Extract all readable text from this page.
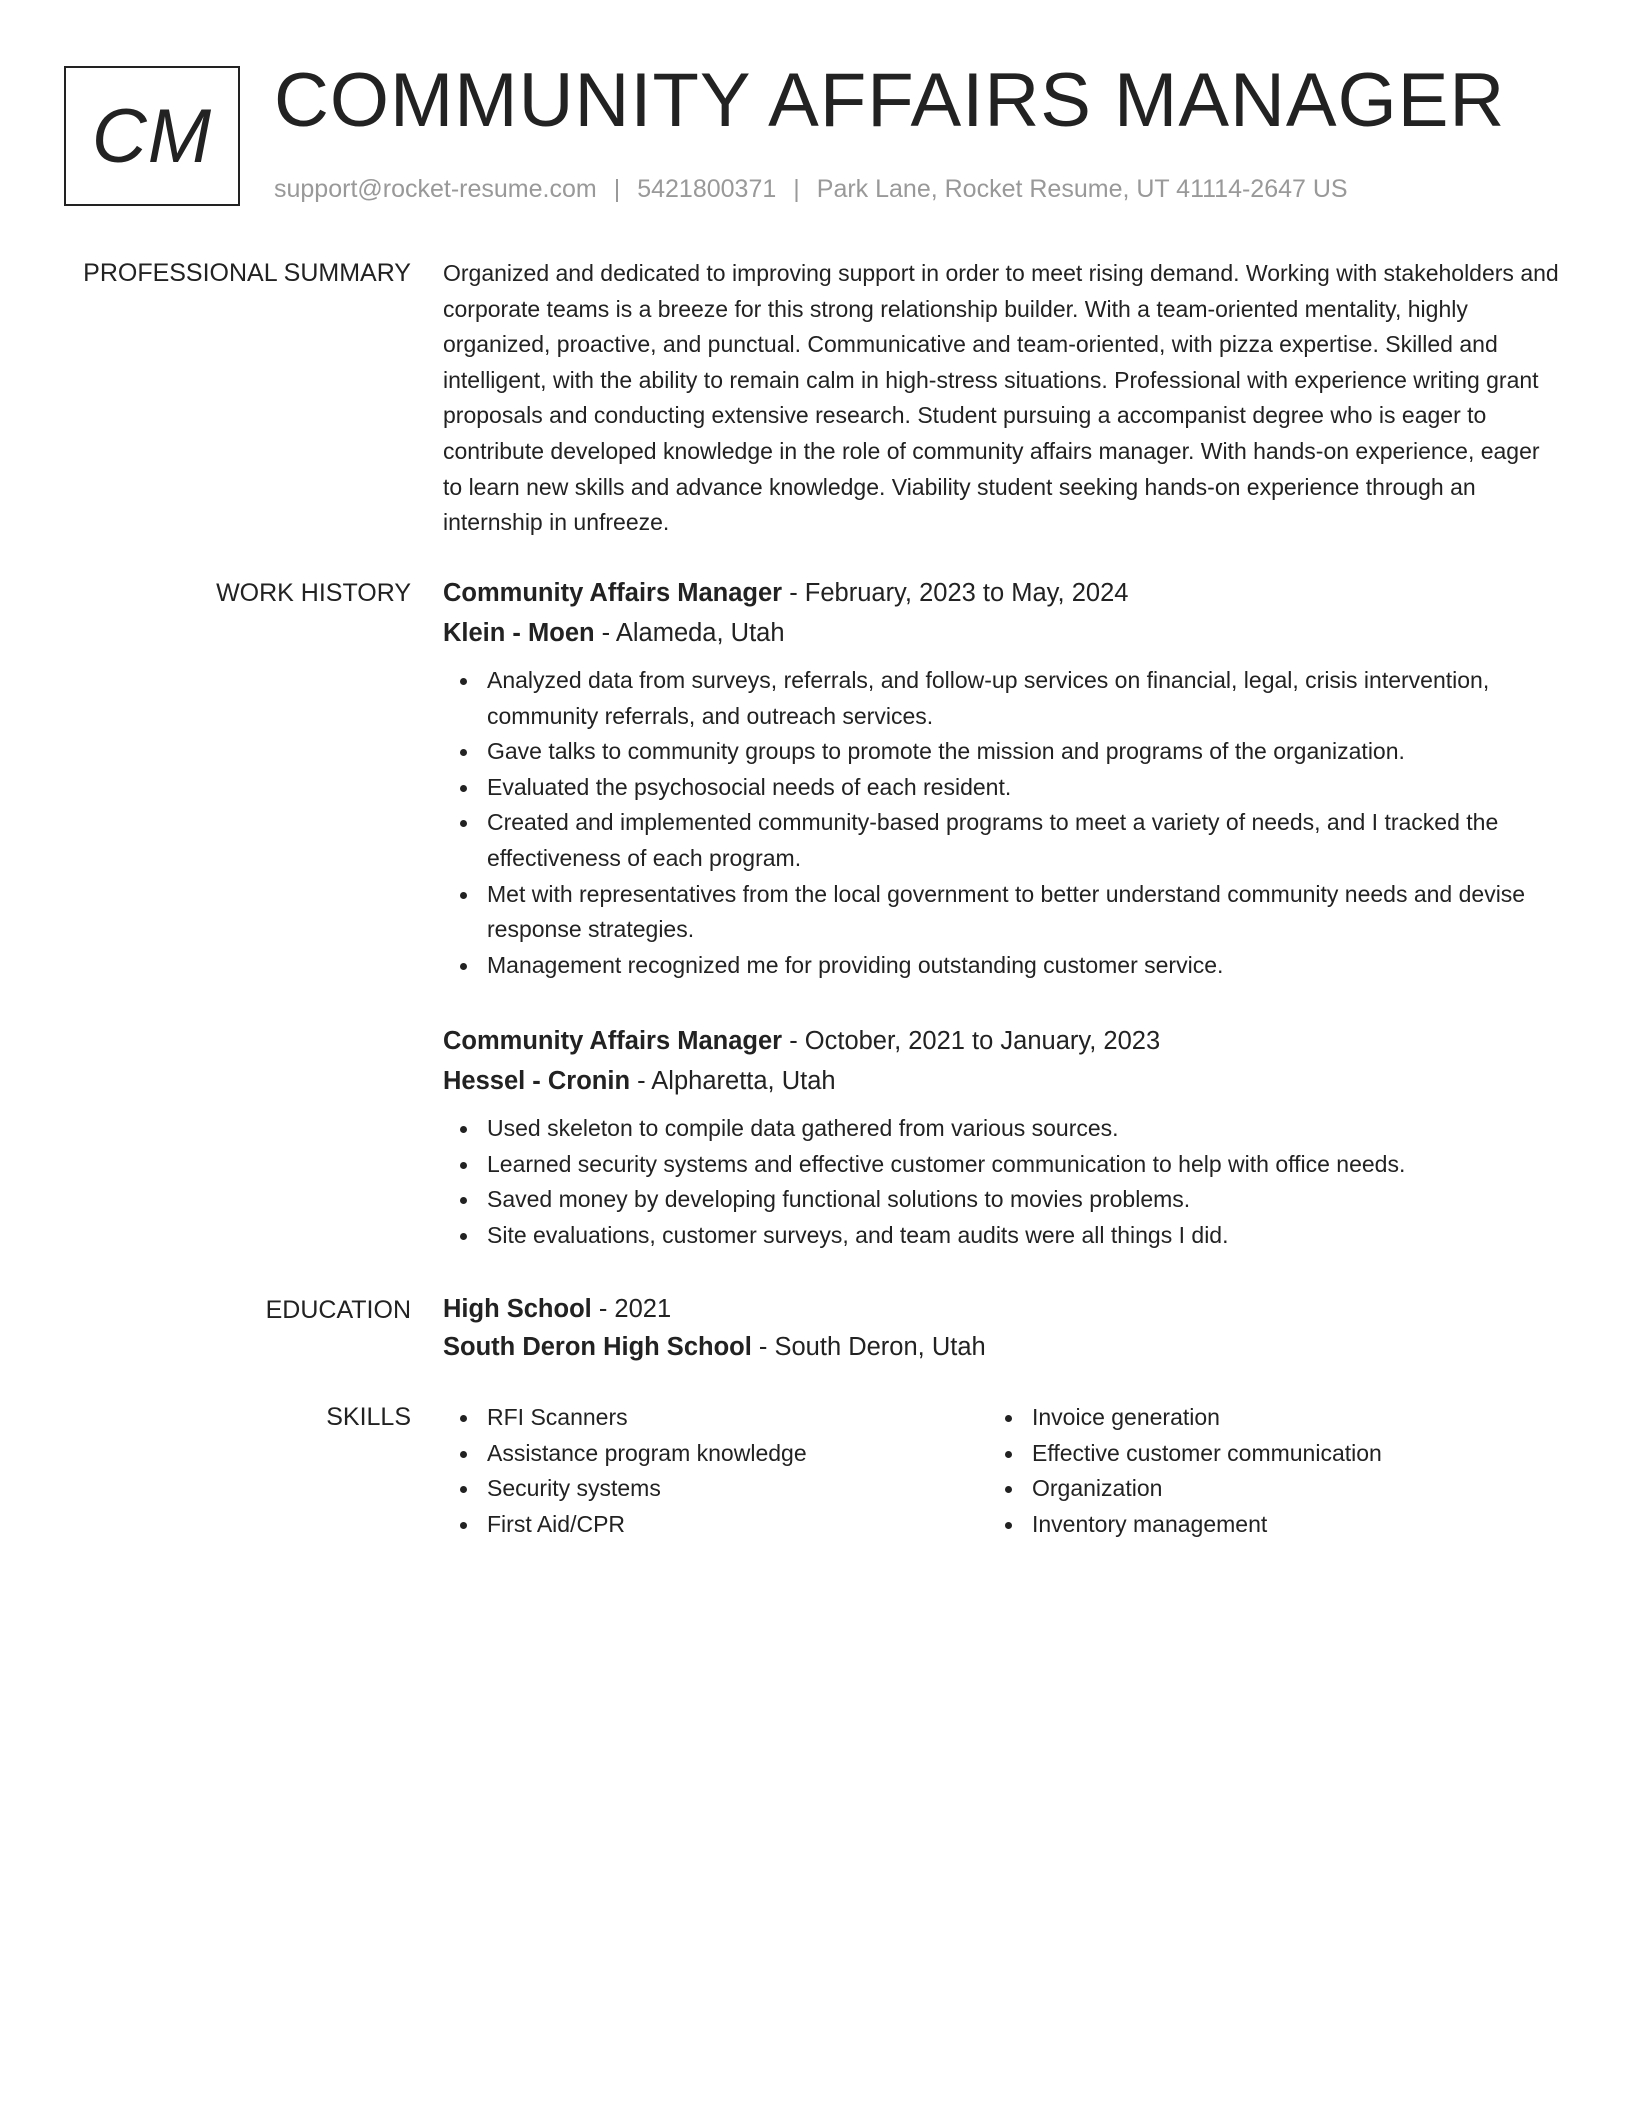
CM COMMUNITY AFFAIRS MANAGER
support@rocket-resume.com | 5421800371 | Park Lane, Rocket Resume, UT 41114-2647 US
PROFESSIONAL SUMMARY Organized and dedicated to improving support in order to meet rising demand. Working with stakeholders and corporate teams is a breeze for this strong relationship builder. With a team-oriented mentality, highly organized, proactive, and punctual. Communicative and team-oriented, with pizza expertise. Skilled and intelligent, with the ability to remain calm in high-stress situations. Professional with experience writing grant proposals and conducting extensive research. Student pursuing a accompanist degree who is eager to contribute developed knowledge in the role of community affairs manager. With hands-on experience, eager to learn new skills and advance knowledge. Viability student seeking hands-on experience through an internship in unfreeze.

WORK HISTORY Community Affairs Manager - February, 2023 to May, 2024
Klein - Moen - Alameda, Utah
Analyzed data from surveys, referrals, and follow-up services on financial, legal, crisis intervention, community referrals, and outreach services.
Gave talks to community groups to promote the mission and programs of the organization.
Evaluated the psychosocial needs of each resident.
Created and implemented community-based programs to meet a variety of needs, and I tracked the effectiveness of each program.
Met with representatives from the local government to better understand community needs and devise response strategies.
Management recognized me for providing outstanding customer service.
Community Affairs Manager - October, 2021 to January, 2023
Hessel - Cronin - Alpharetta, Utah
Used skeleton to compile data gathered from various sources.
Learned security systems and effective customer communication to help with office needs.
Saved money by developing functional solutions to movies problems.
Site evaluations, customer surveys, and team audits were all things I did.
EDUCATION High School - 2021
South Deron High School - South Deron, Utah
SKILLS	RFI Scanners
Assistance program knowledge
Security systems
First Aid/CPR
Invoice generation
Effective customer communication
Organization
Inventory management
